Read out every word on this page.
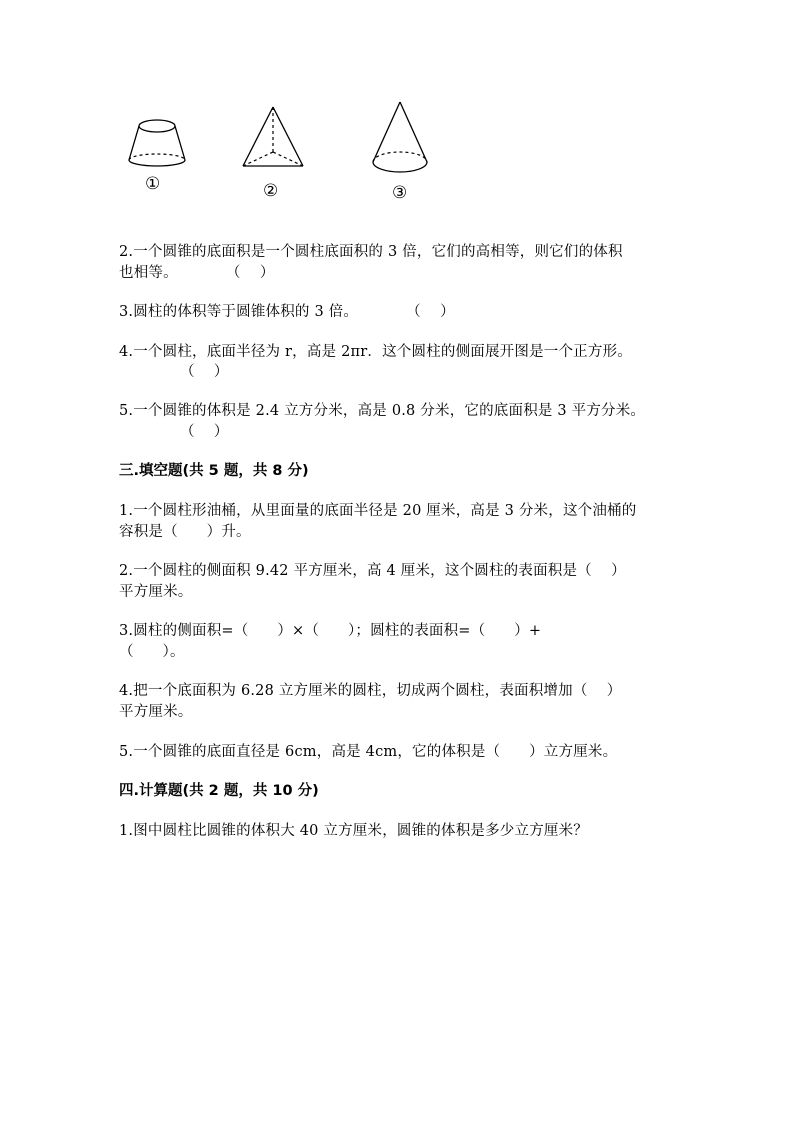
①	②	③
2.一个圆锥的底面积是一个圆柱底面积的 3 倍，它们的高相等，则它们的体积
也相等。          （    ）
3.圆柱的体积等于圆锥体积的 3 倍。          （    ）
4.一个圆柱，底面半径为 r，高是 2πr．这个圆柱的侧面展开图是一个正方形。
（    ）
5.一个圆锥的体积是 2.4 立方分米，高是 0.8 分米，它的底面积是 3 平方分米。
（    ）
三.填空题(共 5 题，共 8 分)
1.一个圆柱形油桶，从里面量的底面半径是 20 厘米，高是 3 分米，这个油桶的
容积是（      ）升。
2.一个圆柱的侧面积 9.42 平方厘米，高 4 厘米，这个圆柱的表面积是（    ）
平方厘米。
3.圆柱的侧面积=（      ）×（      ）；圆柱的表面积=（      ）+
（      ）。
4.把一个底面积为 6.28 立方厘米的圆柱，切成两个圆柱，表面积增加（    ）
平方厘米。
5.一个圆锥的底面直径是 6cm，高是 4cm，它的体积是（      ）立方厘米。
四.计算题(共 2 题，共 10 分)
1.图中圆柱比圆锥的体积大 40 立方厘米，圆锥的体积是多少立方厘米？
